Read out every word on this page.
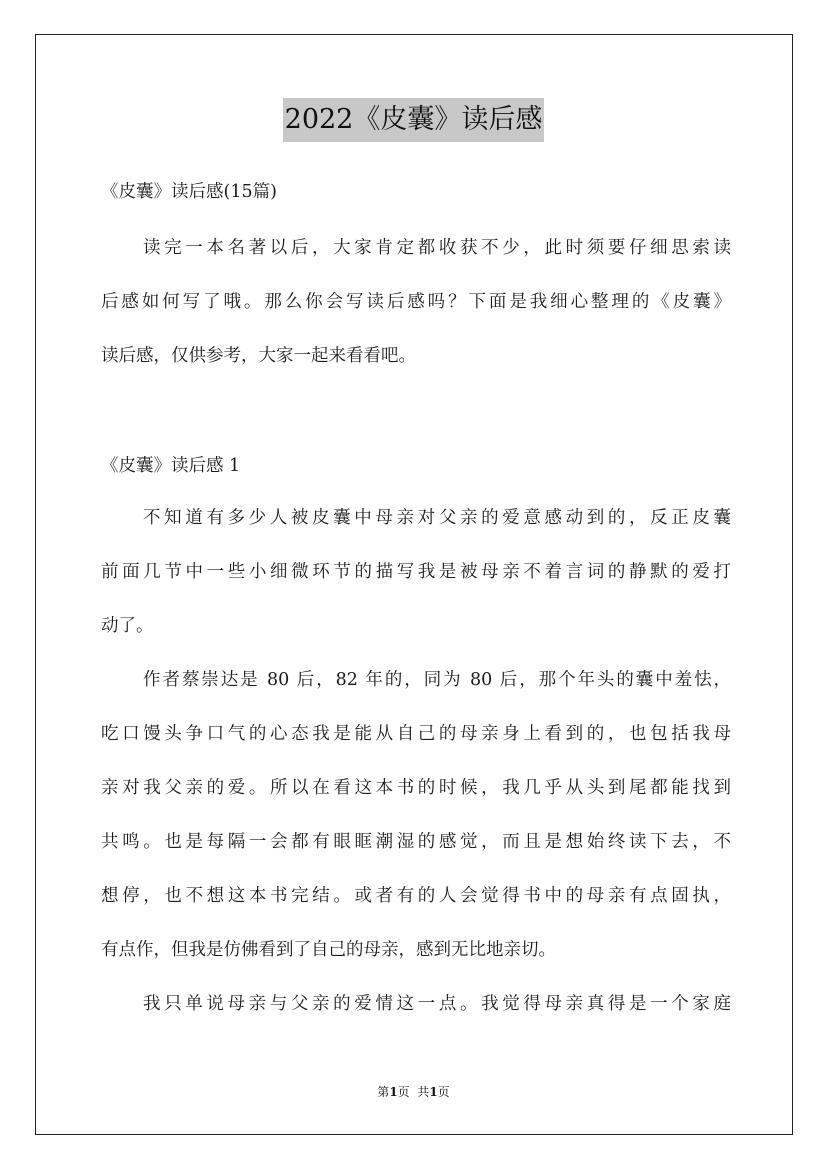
2022《皮囊》读后感
《皮囊》读后感(15篇)
读完一本名著以后，大家肯定都收获不少，此时须要仔细思索读
后感如何写了哦。那么你会写读后感吗？下面是我细心整理的《皮囊》
读后感，仅供参考，大家一起来看看吧。
《皮囊》读后感 1
不知道有多少人被皮囊中母亲对父亲的爱意感动到的，反正皮囊
前面几节中一些小细微环节的描写我是被母亲不着言词的静默的爱打
动了。
作者蔡崇达是 80 后，82 年的，同为 80 后，那个年头的囊中羞怯，
吃口馒头争口气的心态我是能从自己的母亲身上看到的，也包括我母
亲对我父亲的爱。所以在看这本书的时候，我几乎从头到尾都能找到
共鸣。也是每隔一会都有眼眶潮湿的感觉，而且是想始终读下去，不
想停，也不想这本书完结。或者有的人会觉得书中的母亲有点固执，
有点作，但我是仿佛看到了自己的母亲，感到无比地亲切。
我只单说母亲与父亲的爱情这一点。我觉得母亲真得是一个家庭
第1页  共1页
